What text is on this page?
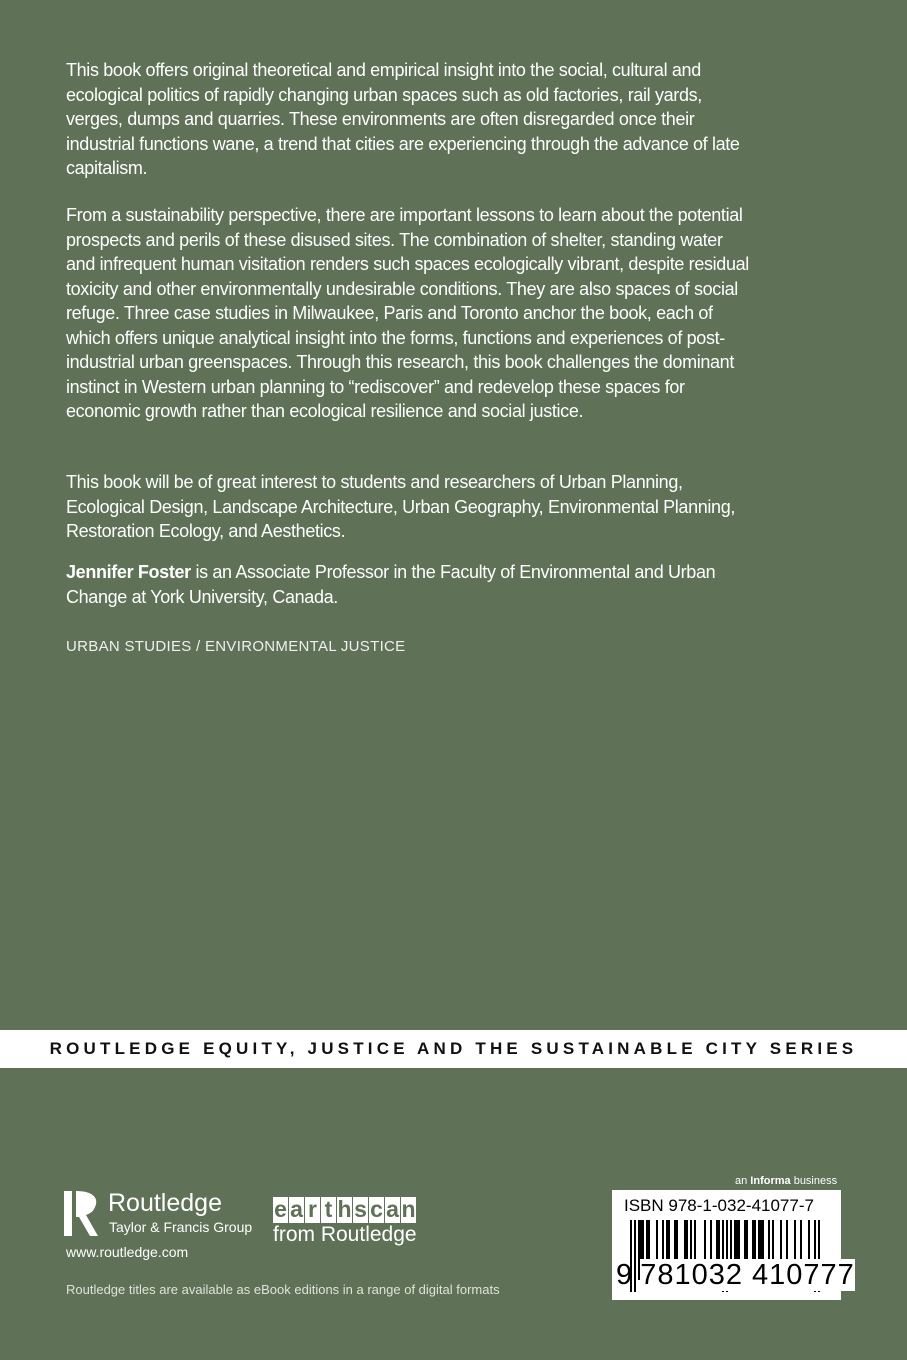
This book offers original theoretical and empirical insight into the social, cultural and
ecological politics of rapidly changing urban spaces such as old factories, rail yards,
verges, dumps and quarries. These environments are often disregarded once their
industrial functions wane, a trend that cities are experiencing through the advance of late
capitalism.
From a sustainability perspective, there are important lessons to learn about the potential
prospects and perils of these disused sites. The combination of shelter, standing water
and infrequent human visitation renders such spaces ecologically vibrant, despite residual
toxicity and other environmentally undesirable conditions. They are also spaces of social
refuge. Three case studies in Milwaukee, Paris and Toronto anchor the book, each of
which offers unique analytical insight into the forms, functions and experiences of post-
industrial urban greenspaces. Through this research, this book challenges the dominant
instinct in Western urban planning to “rediscover” and redevelop these spaces for
economic growth rather than ecological resilience and social justice.
This book will be of great interest to students and researchers of Urban Planning,
Ecological Design, Landscape Architecture, Urban Geography, Environmental Planning,
Restoration Ecology, and Aesthetics.
Jennifer Foster is an Associate Professor in the Faculty of Environmental and Urban
Change at York University, Canada.
URBAN STUDIES / ENVIRONMENTAL JUSTICE
ROUTLEDGE EQUITY, JUSTICE AND THE SUSTAINABLE CITY SERIES
Routledge
Taylor & Francis Group
www.routledge.com
e a r t h s c a n
from Routledge
Routledge titles are available as eBook editions in a range of digital formats
an Informa business
ISBN 978-1-032-41077-7
9 781032 410777
